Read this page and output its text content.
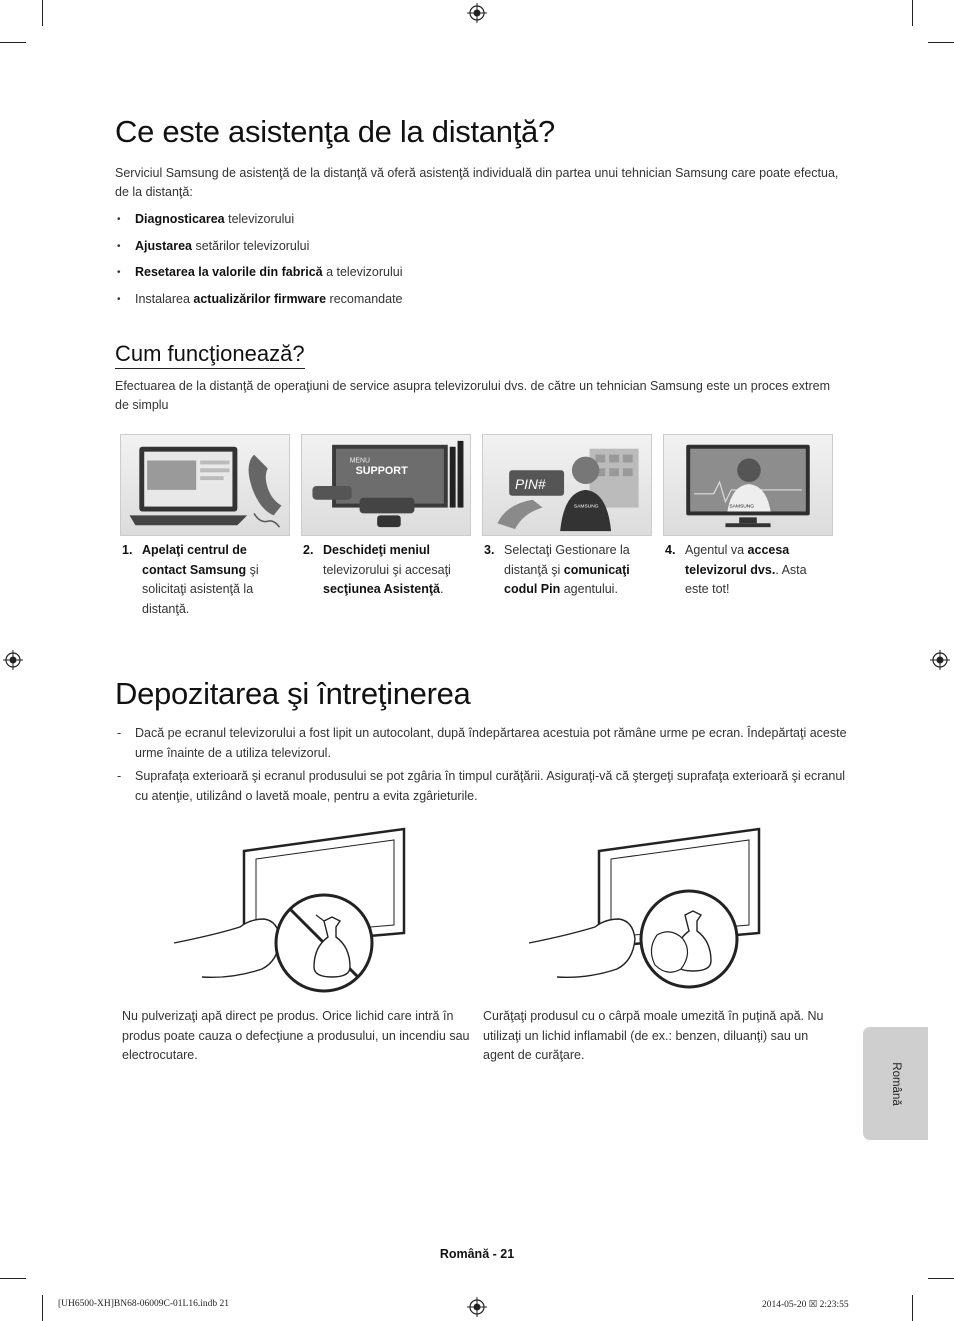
Ce este asistenţa de la distanţă?

Serviciul Samsung de asistenţă de la distanţă vă oferă asistenţă individuală din partea unui tehnician Samsung care poate efectua, de la distanţă:

• Diagnosticarea televizorului
• Ajustarea setărilor televizorului
• Resetarea la valorile din fabrică a televizorului
• Instalarea actualizărilor firmware recomandate
Cum funcţionează?

Efectuarea de la distanţă de operaţiuni de service asupra televizorului dvs. de către un tehnician Samsung este un proces extrem de simplu

MENU
SUPPORT
PIN#
SAMSUNG	SAMSUNG
1. Apelaţi centrul de contact Samsung şi solicitaţi asistenţă la distanţă.
2. Deschideţi meniul televizorului şi accesaţi secţiunea Asistenţă.
3. Selectaţi Gestionare la distanţă şi comunicaţi codul Pin agentului.
4. Agentul va accesa televizorul dvs.. Asta este tot!
Depozitarea şi întreţinerea
- Dacă pe ecranul televizorului a fost lipit un autocolant, după îndepărtarea acestuia pot rămâne urme pe ecran. Îndepărtaţi aceste urme înainte de a utiliza televizorul.
- Suprafaţa exterioară şi ecranul produsului se pot zgâria în timpul curăţării. Asiguraţi-vă că ştergeţi suprafaţa exterioară şi ecranul cu atenţie, utilizând o lavetă moale, pentru a evita zgârieturile.
Nu pulverizaţi apă direct pe produs. Orice lichid care intră în produs poate cauza o defecţiune a produsului, un incendiu sau electrocutare.
Curăţaţi produsul cu o cârpă moale umezită în puţină apă. Nu utilizaţi un lichid inflamabil (de ex.: benzen, diluanţi) sau un agent de curăţare.
Română
Română - 21
[UH6500-XH]BN68-06009C-01L16.indb 21	2014-05-20 ☒ 2:23:55
